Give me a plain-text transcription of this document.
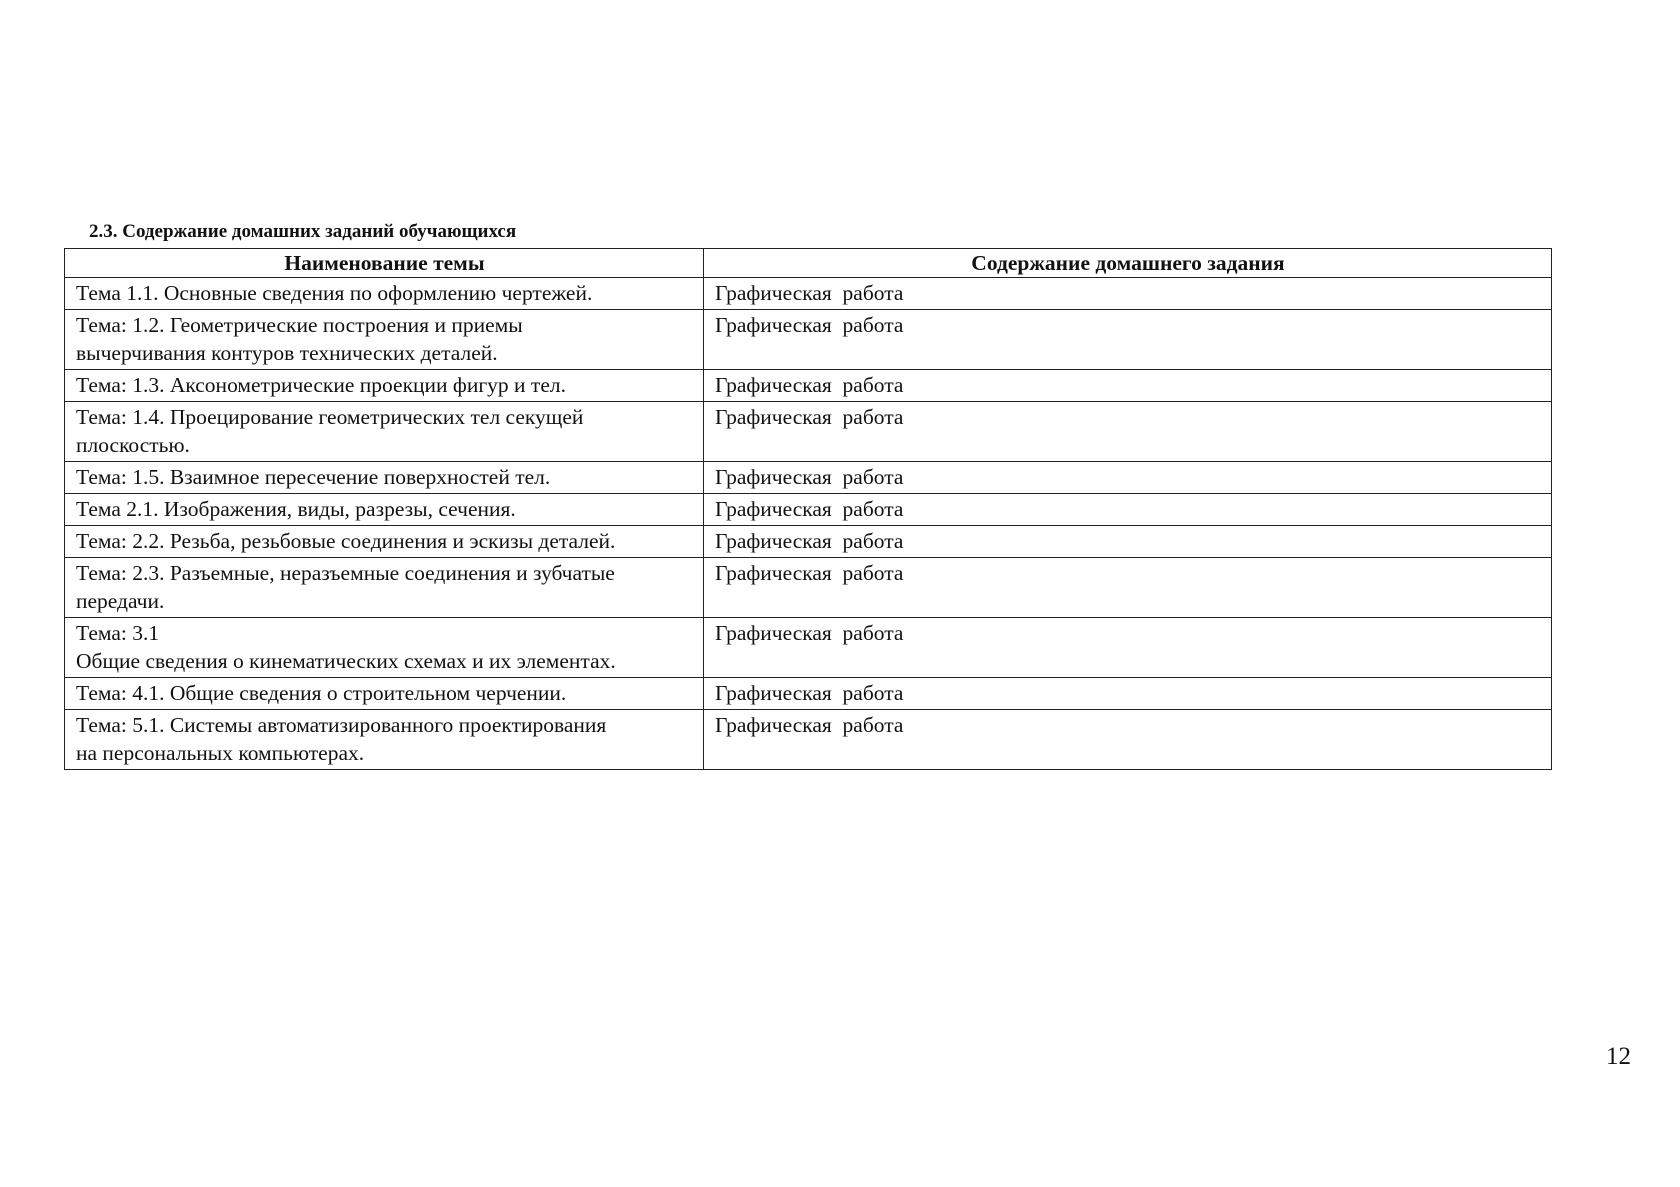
2.3. Содержание домашних заданий обучающихся
Наименование темы	Содержание домашнего задания
Тема 1.1. Основные сведения по оформлению чертежей.	Графическая  работа
Тема: 1.2. Геометрические построения и приемы
вычерчивания контуров технических деталей.	Графическая  работа
Тема: 1.3. Аксонометрические проекции фигур и тел.	Графическая  работа
Тема: 1.4. Проецирование геометрических тел секущей
плоскостью.	Графическая  работа
Тема: 1.5. Взаимное пересечение поверхностей тел.	Графическая  работа
Тема 2.1. Изображения, виды, разрезы, сечения.	Графическая  работа
Тема: 2.2. Резьба, резьбовые соединения и эскизы деталей.	Графическая  работа
Тема: 2.3. Разъемные, неразъемные соединения и зубчатые
передачи.	Графическая  работа
Тема: 3.1
Общие сведения о кинематических схемах и их элементах.	Графическая  работа
Тема: 4.1. Общие сведения о строительном черчении.	Графическая  работа
Тема: 5.1. Системы автоматизированного проектирования
на персональных компьютерах.	Графическая  работа
12
